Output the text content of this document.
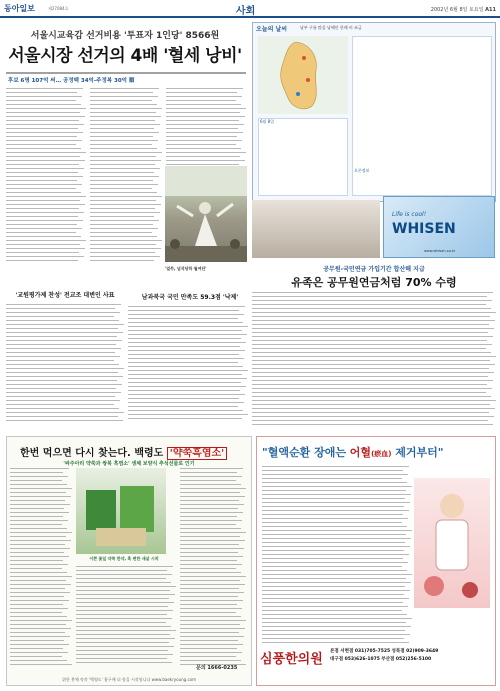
동아일보	제27084호	사회	2002년 6월 8일 토요일 A11
서울시교육감 선거비용 '투표자 1인당' 8566원
서울시장 선거의 4배 '혈세 낭비'
후보 6명 107억 써… 공정백 34억-주정복 30억 順
'얼쑤, 넘석당하 월여단'
오늘의 날씨	남부 구름 많음 남해안 한때 비 조금
6월 8일
오존정보
Life is cool!
WHISEN
www.whisen.co.kr
공무원-국민연금 가입기간 합산해 지급
유족은 공무원연금처럼 70% 수령
'교원평가제 찬성' 전교조 대변인 사표	남과북국 국민 만족도 59.3점 '낙제'
한번 먹으면 다시 찾는다. 백령도 '약쑥흑염소'
'싸주아리 약쑥과 쌍북 흑염소' 생체 보양식 추석선물로 인기
이쁜 꽃잎 약쑥 한약, 흑 변한 새살 시작
문의 1666-0235
위한 봉체 약쑥 '백령도' 홈구매 더 합을 시작합니다 www.baekryoung.com
"혈액순환 장애는 어혈(瘀血) 제거부터"
심풍한의원
본점 서현점 031)705-7525 성북점 02)909-3649
대구점 053)626-1075 부산점 052)256-5100
